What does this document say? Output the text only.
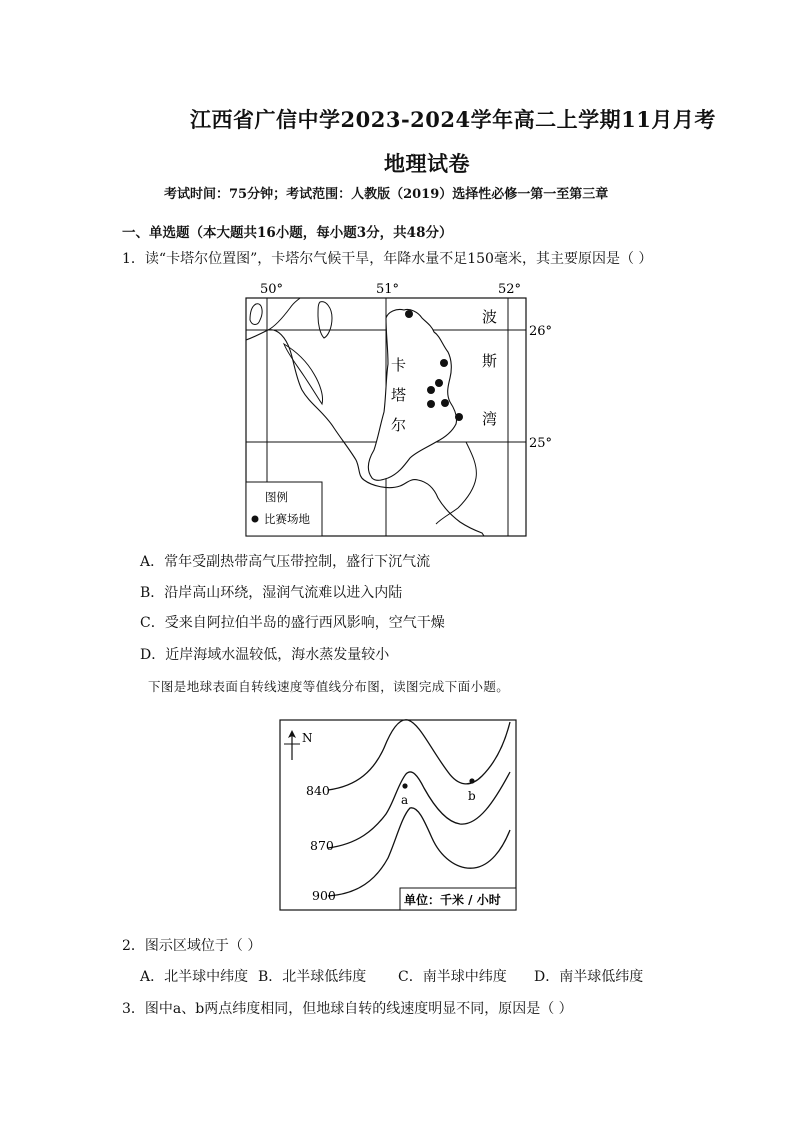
江西省广信中学2023-2024学年高二上学期11月月考
地理试卷
考试时间：75分钟；考试范围：人教版（2019）选择性必修一第一至第三章
一、单选题（本大题共16小题，每小题3分，共48分）
1．读“卡塔尔位置图”，卡塔尔气候干旱，年降水量不足150毫米，其主要原因是（ ）
50°	51°	52°
26°
25°
波
斯
湾
卡
塔
尔
图例
比赛场地
A．常年受副热带高气压带控制，盛行下沉气流
B．沿岸高山环绕，湿润气流难以进入内陆
C．受来自阿拉伯半岛的盛行西风影响，空气干燥
D．近岸海域水温较低，海水蒸发量较小
下图是地球表面自转线速度等值线分布图，读图完成下面小题。
N
840
870
900
a	b
单位：千米 / 小时
2．图示区域位于（ ）
A．北半球中纬度 B．北半球低纬度 C．南半球中纬度 D．南半球低纬度
3．图中a、b两点纬度相同，但地球自转的线速度明显不同，原因是（ ）
